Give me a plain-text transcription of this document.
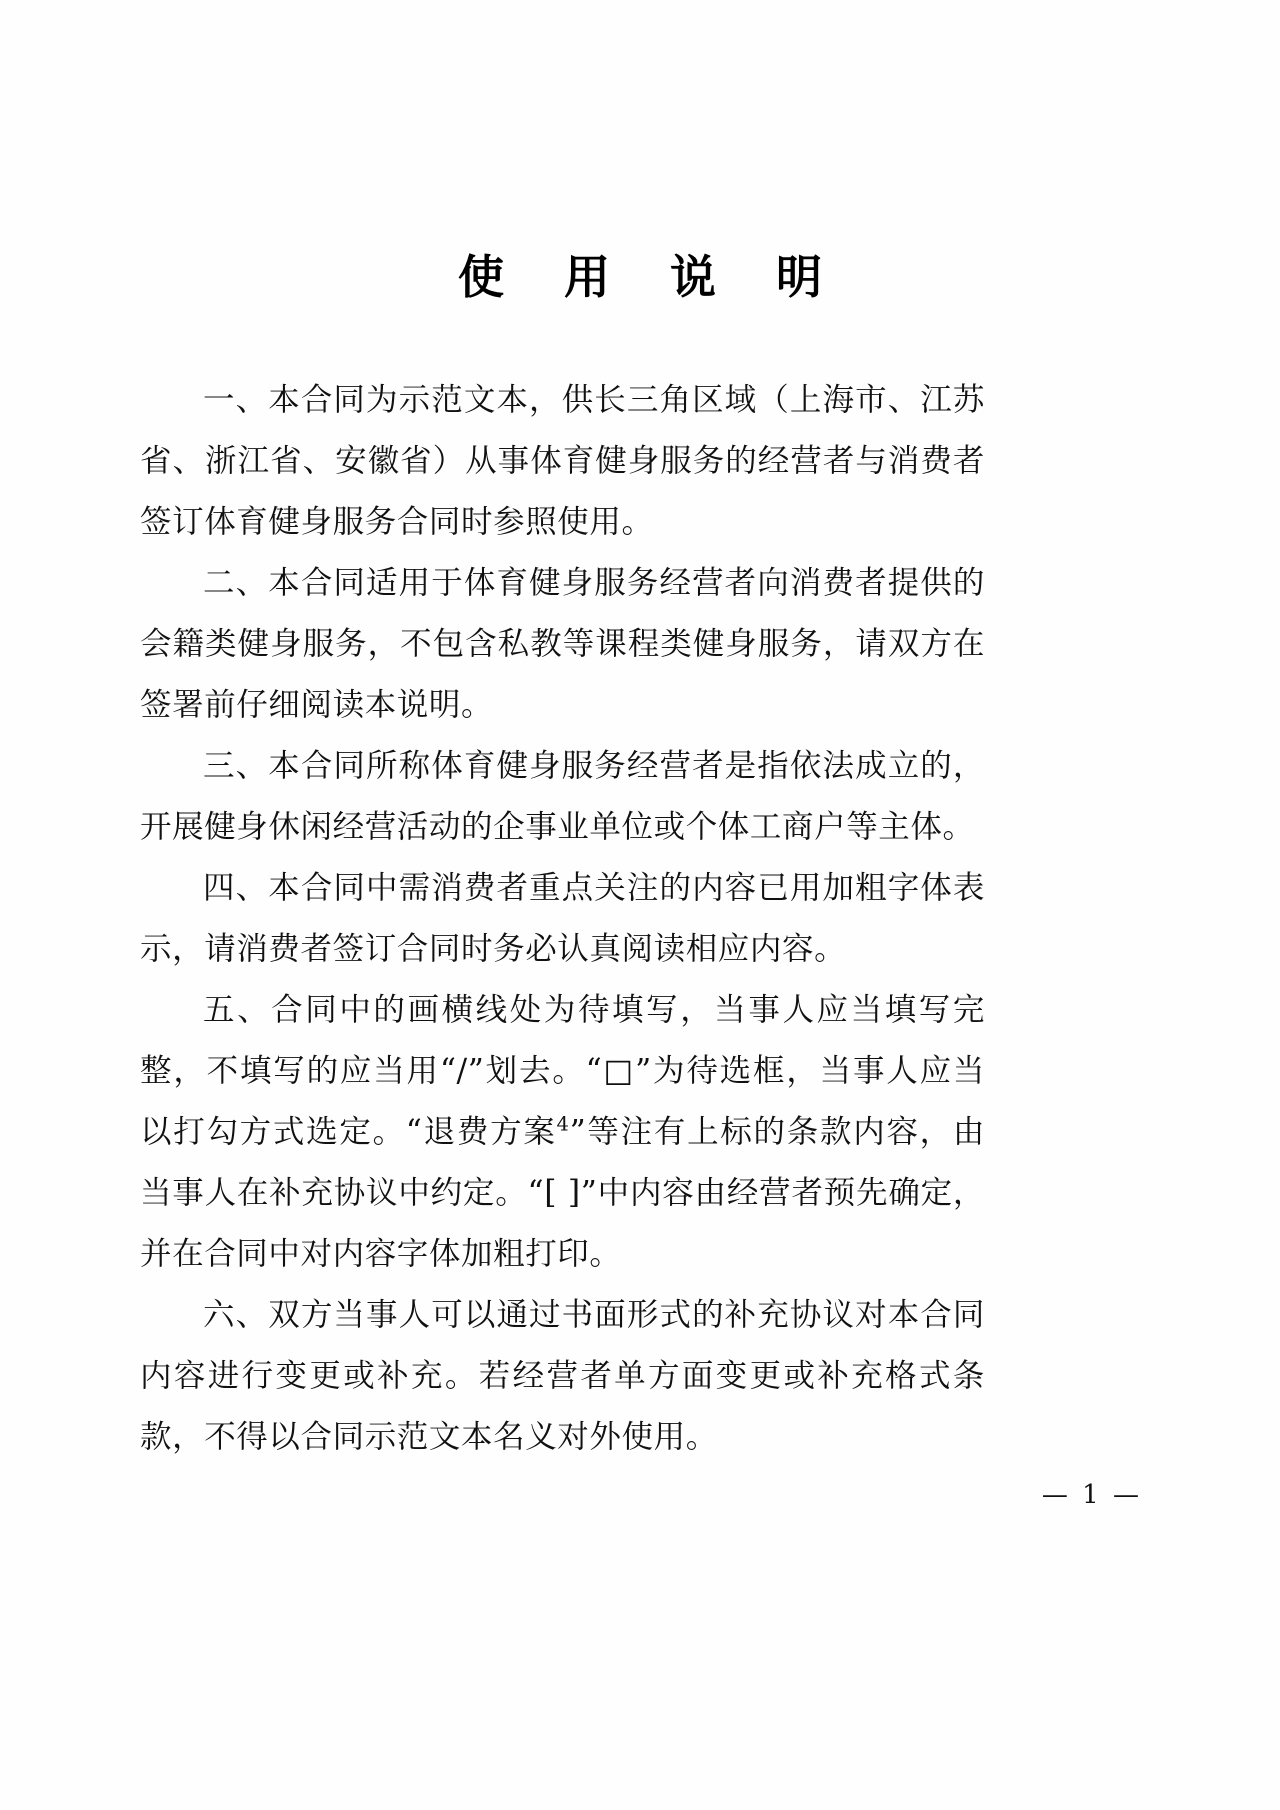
使 用 说 明

一、本合同为示范文本，供长三角区域（上海市、江苏省、浙江省、安徽省）从事体育健身服务的经营者与消费者签订体育健身服务合同时参照使用。

二、本合同适用于体育健身服务经营者向消费者提供的会籍类健身服务，不包含私教等课程类健身服务，请双方在签署前仔细阅读本说明。

三、本合同所称体育健身服务经营者是指依法成立的，开展健身休闲经营活动的企事业单位或个体工商户等主体。

四、本合同中需消费者重点关注的内容已用加粗字体表示，请消费者签订合同时务必认真阅读相应内容。

五、合同中的画横线处为待填写，当事人应当填写完整，不填写的应当用“/”划去。“□”为待选框，当事人应当以打勾方式选定。“退费方案$^4$”等注有上标的条款内容，由当事人在补充协议中约定。“[ ]”中内容由经营者预先确定，并在合同中对内容字体加粗打印。

六、双方当事人可以通过书面形式的补充协议对本合同内容进行变更或补充。若经营者单方面变更或补充格式条款，不得以合同示范文本名义对外使用。

— 1 —
